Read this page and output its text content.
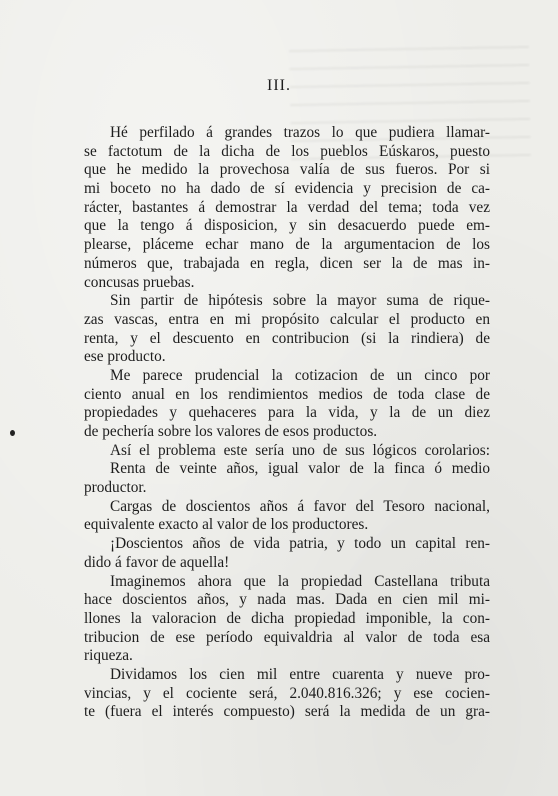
III.
Hé perfilado á grandes trazos lo que pudiera llamar-
se factotum de la dicha de los pueblos Eúskaros, puesto
que he medido la provechosa valía de sus fueros. Por si
mi boceto no ha dado de sí evidencia y precision de ca-
rácter, bastantes á demostrar la verdad del tema; toda vez
que la tengo á disposicion, y sin desacuerdo puede em-
plearse, pláceme echar mano de la argumentacion de los
números que, trabajada en regla, dicen ser la de mas in-
concusas pruebas.
Sin partir de hipótesis sobre la mayor suma de rique-
zas vascas, entra en mi propósito calcular el producto en
renta, y el descuento en contribucion (si la rindiera) de
ese producto.
Me parece prudencial la cotizacion de un cinco por
ciento anual en los rendimientos medios de toda clase de
propiedades y quehaceres para la vida, y la de un diez
de pechería sobre los valores de esos productos.
Así el problema este sería uno de sus lógicos corolarios:
Renta de veinte años, igual valor de la finca ó medio
productor.
Cargas de doscientos años á favor del Tesoro nacional,
equivalente exacto al valor de los productores.
¡Doscientos años de vida patria, y todo un capital ren-
dido á favor de aquella!
Imaginemos ahora que la propiedad Castellana tributa
hace doscientos años, y nada mas. Dada en cien mil mi-
llones la valoracion de dicha propiedad imponible, la con-
tribucion de ese período equivaldria al valor de toda esa
riqueza.
Dividamos los cien mil entre cuarenta y nueve pro-
vincias, y el cociente será, 2.040.816.326; y ese cocien-
te (fuera el interés compuesto) será la medida de un gra-
